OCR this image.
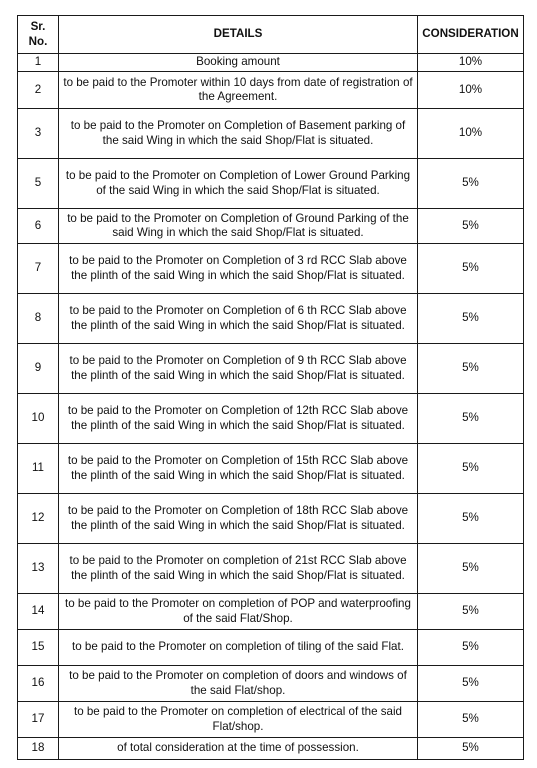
Sr. No.	DETAILS	CONSIDERATION
1	Booking amount	10%
2	to be paid to the Promoter within 10 days from date of registration of the Agreement.	10%
3	to be paid to the Promoter on Completion of Basement parking of the said Wing in which the said Shop/Flat is situated.	10%
5	to be paid to the Promoter on Completion of Lower Ground Parking of the said Wing in which the said Shop/Flat is situated.	5%
6	to be paid to the Promoter on Completion of Ground Parking of the said Wing in which the said Shop/Flat is situated.	5%
7	to be paid to the Promoter on Completion of 3 rd RCC Slab above the plinth of the said Wing in which the said Shop/Flat is situated.	5%
8	to be paid to the Promoter on Completion of 6 th RCC Slab above the plinth of the said Wing in which the said Shop/Flat is situated.	5%
9	to be paid to the Promoter on Completion of 9 th RCC Slab above the plinth of the said Wing in which the said Shop/Flat is situated.	5%
10	to be paid to the Promoter on Completion of 12th RCC Slab above the plinth of the said Wing in which the said Shop/Flat is situated.	5%
11	to be paid to the Promoter on Completion of 15th RCC Slab above the plinth of the said Wing in which the said Shop/Flat is situated.	5%
12	to be paid to the Promoter on Completion of 18th RCC Slab above the plinth of the said Wing in which the said Shop/Flat is situated.	5%
13	to be paid to the Promoter on completion of 21st RCC Slab above the plinth of the said Wing in which the said Shop/Flat is situated.	5%
14	to be paid to the Promoter on completion of POP and waterproofing of the said Flat/Shop.	5%
15	to be paid to the Promoter on completion of tiling of the said Flat.	5%
16	to be paid to the Promoter on completion of doors and windows of the said Flat/shop.	5%
17	to be paid to the Promoter on completion of electrical of the said Flat/shop.	5%
18	of total consideration at the time of possession.	5%
